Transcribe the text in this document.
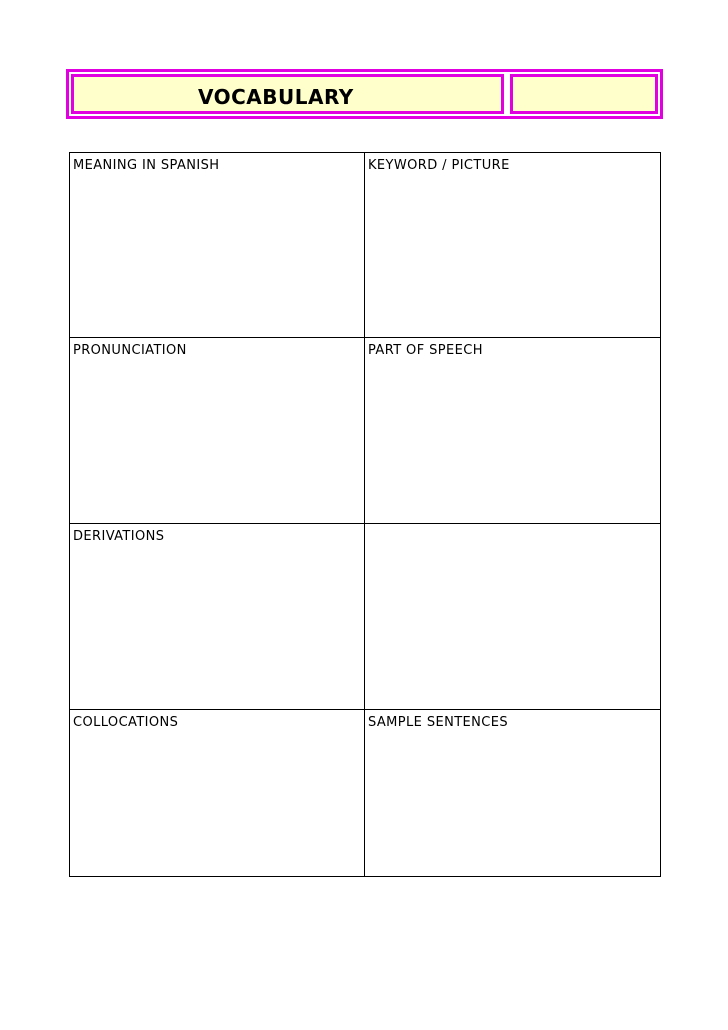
VOCABULARY
MEANING IN SPANISH	KEYWORD / PICTURE
PRONUNCIATION	PART OF SPEECH
DERIVATIONS
COLLOCATIONS	SAMPLE SENTENCES
